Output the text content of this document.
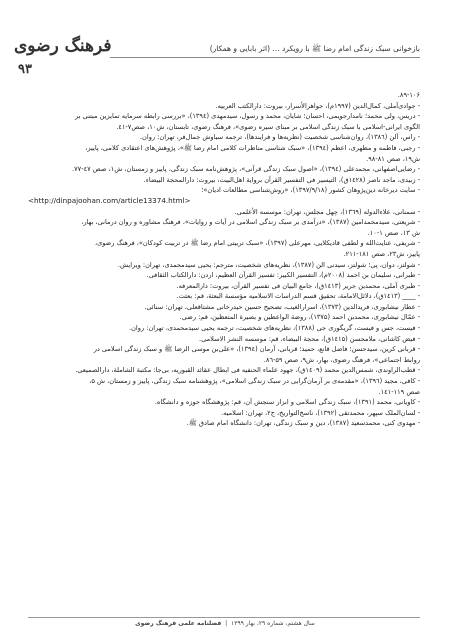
فرهنگ رضوی
۹۳
بازخوانی سبک زندگی امام رضا ﷺ با رویکرد ... (اثر بابایی و همکار)

۸۹-۱۰۶.

- جوادی‌آملی، کمال‌الدین (۱۹۹۷م)، جواهرالأسرار، بیروت: دارالکتب العربیه.

- دریس، ولی محمد؛ نامدارجویمی، احسان؛ شایان، محمد و رسول، سیدمهدی (۱۳۹٤)، «بررسی رابطه سرمایه تمایزین مبتنی بر

الگوی ایرانی-اسلامی با سبک زندگی اسلامی بر مبنای سیره رضوی»، فرهنگ رضوی، تابستان، ش۱۰، صص۷-٤۱.

- راس، آلن (۱۳۸٦)، روان‌شناسی شخصیت (نظریه‌ها و فرایندها)، ترجمه سیاوش جمال‌فر، تهران: روان.

- رجبی، فاطمه و مظهری، اعظم (۱۳۹٤)، «سبک شناسی مناظرات کلامی امام رضا ﷺ»، پژوهش‌های اعتقادی کلامی، پاییز،

ش۱۹، صص ۸۱-۹۸.

- رضایی‌اصفهانی، محمدعلی (۱۳۹٤)، «اصول سبک زندگی قرآنی»، پژوهش‌نامه سبک زندگی، پاییز و زمستان، ش۱، صص ٤۷-۷۷.

- زبیدی، ماجد ناصر (۱٤۲۸ق)، التیسیر فی التفسیر القرآن بروایة اهل‌البیت، بیروت: دارالمحجة البیضاء.

- سایت دیرخانه دین‌پژوهان کشور (۱۳۹۷/۹/۱۸)، «روش‌شناسی مطالعات ادیان»؛

<http://dinpajoohan.com/article13374.html>

- سمنانی، علاءالدوله (۱۳٦۹)، چهل مجلس، تهران: موسسه الأعلمی.

- شریعتی، سیدمحمدامین (۱۳۸۷)، «درآمدی بر سبک زندگی اسلامی در آیات و روایات»، فرهنگ مشاوره و روان درمانی، بهار،

ش ۱۳، صص ۱-۱۰.

- شریفی، عنایت‌الله و لطفی قادیکلایی، مهرعلی (۱۳۹۷)، «سبک تربیتی امام رضا ﷺ در تربیت کودکان»، فرهنگ رضوی،

پاییز، ش۲۳، صص ۱۸۱-۲۱۱.

- شولتز، دوان، پی؛ شولتز، سیدنی الن (۱۳۸۷)، نظریه‌های شخصیت، مترجم: یحیی سیدمحمدی، تهران: ویرایش.

- طبرانی، سلیمان بن احمد (۲۰۰۸م)، التفسیر الکبیر: تفسیر القرآن العظیم، اردن: دارالکتاب الثقافی.

- طبری آملی، محمدبن جریر (۱٤۱۳ق)، جامع البیان فی تفسیر القرآن، بیروت: دارالمعرفه.

- ____ (۱٤۱۳ق)، دلائل‌الامامة، تحقیق قسم الدراسات الاسلامیه مؤسسة البعثة، قم: بعثت.

- عطار نیشابوری، فریدالدین (۱۳۷۳)، اسرارالغیب، تصحیح حسین حیدرخانی مشتاقعلی، تهران: سنائی.

- عمّال نیشابوری، محمدبن احمد (۱۳۷۵)، روضة الواعظین و بصیرة المتعظین، قم: رضی.

- فیست، جس و فیست، گریگوری جی (۱۳۸۸)، نظریه‌های شخصیت، ترجمه یحیی سیدمحمدی، تهران: روان.

- فیض کاشانی، ملامحسن (۱٤۱۵ق)، محجة البیضاء، قم: موسسه النشر الاسلامی.

- قربانی کرین، سیدحسن؛ فاضل قانع، حمید؛ قربانی، آرمان (۱۳۹٤)، «علی‌بن موسی الرضا ﷺ و سبک زندگی اسلامی در

روابط اجتماعی»، فرهنگ رضوی، بهار، ش۹، صص ۵۹-۸٦.

- قطب‌الراوندی، شمس‌الدین محمد (۱٤۰۹ق)، جهود علماء الحنفیه فی ابطال عقائد القبوریه، بی‌جا: مکتبة الشاملة، دارالصمیعی.

- کافی، مجید (۱۳۹٦)، «مقدمه‌ی بر آرمان‌گرایی در سبک زندگی اسلامی»، پژوهشنامه سبک زندگی، پاییز و زمستان، ش ۵،

صص ۱۱۹-۱٤۱.

- کاویانی، محمد (۱۳۹۱)، سبک زندگی اسلامی و ابزار سنجش آن، قم: پژوهشگاه حوزه و دانشگاه.

- لسان‌الملک سپهر، محمدتقی (۱۳۹۲)، ناسخ‌التواریخ، ج۲، تهران: اسلامیه.

- مهدوی کنی، محمدسعید (۱۳۸۷)، دین و سبک زندگی، تهران: دانشگاه امام صادق ﷺ.

سال هشتم، شماره ۲۹، بهار ۱۳۹۹  |  فصلنامه علمی فرهنگ رضوی
